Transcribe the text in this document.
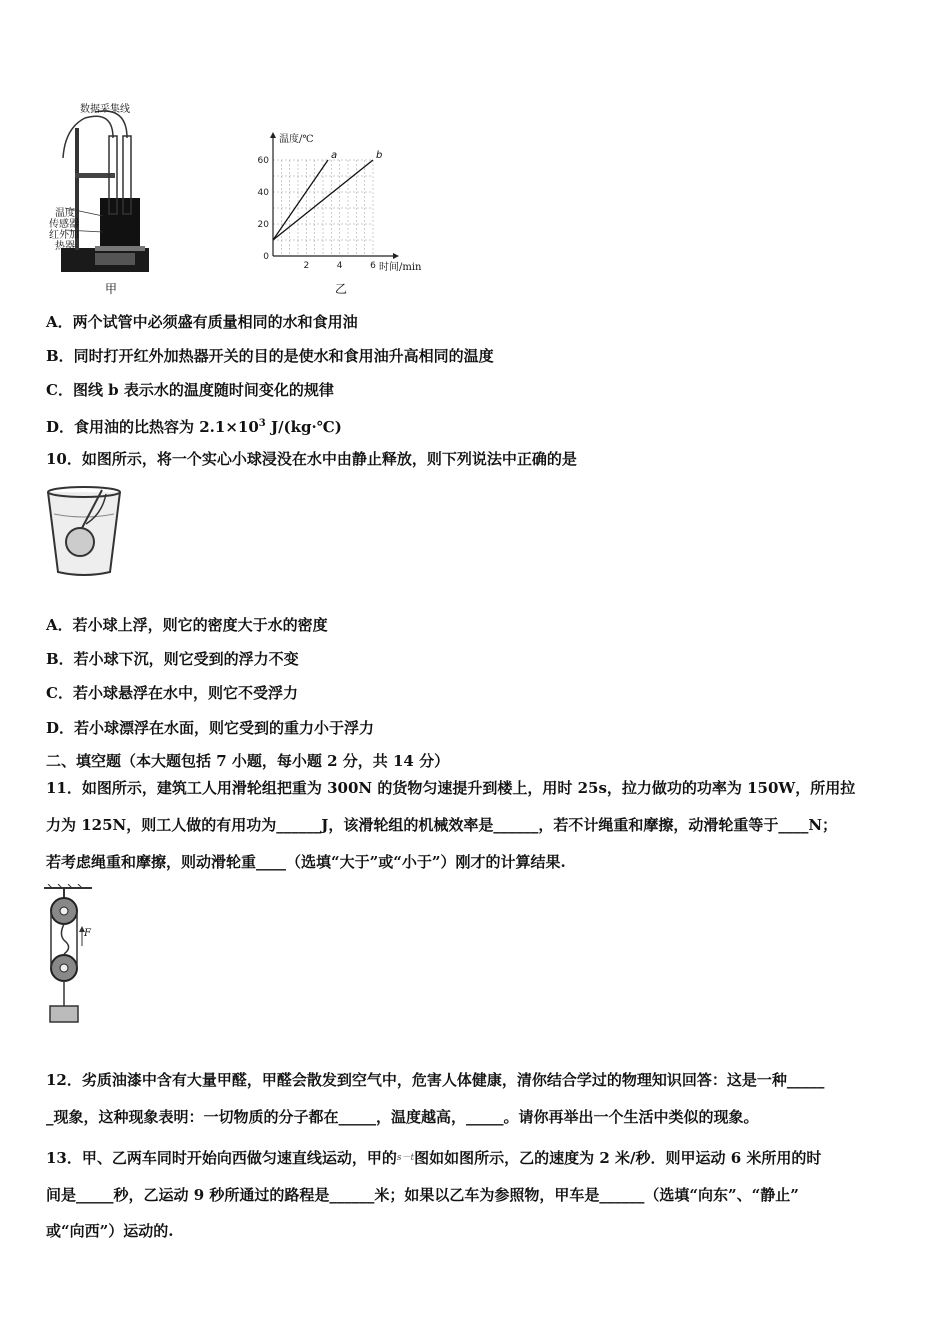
数据采集线
温度
传感器
红外加
热器
甲
60
40
20
0
2	4	6
a	b
温度/℃
时间/min
乙
A．两个试管中必须盛有质量相同的水和食用油
B．同时打开红外加热器开关的目的是使水和食用油升高相同的温度
C．图线 b 表示水的温度随时间变化的规律
D．食用油的比热容为 $2.1\times 10^3$ J/(kg·℃)
10．如图所示，将一个实心小球浸没在水中由静止释放，则下列说法中正确的是
A．若小球上浮，则它的密度大于水的密度
B．若小球下沉，则它受到的浮力不变
C．若小球悬浮在水中，则它不受浮力
D．若小球漂浮在水面，则它受到的重力小于浮力
二、填空题（本大题包括 7 小题，每小题 2 分，共 14 分）
11．如图所示，建筑工人用滑轮组把重为 300N 的货物匀速提升到楼上，用时 25s，拉力做功的功率为 150W，所用拉
力为 125N，则工人做的有用功为______J，该滑轮组的机械效率是______，若不计绳重和摩擦，动滑轮重等于____N；
若考虑绳重和摩擦，则动滑轮重____（选填“大于”或“小于”）刚才的计算结果.
F
12．劣质油漆中含有大量甲醛，甲醛会散发到空气中，危害人体健康，清你结合学过的物理知识回答：这是一种_____
_现象，这种现象表明：一切物质的分子都在_____，温度越高，_____。请你再举出一个生活中类似的现象。
13．甲、乙两车同时开始向西做匀速直线运动，甲的$^{s-t}$图如如图所示，乙的速度为 2 米/秒．则甲运动 6 米所用的时
间是_____秒，乙运动 9 秒所通过的路程是______米；如果以乙车为参照物，甲车是______（选填“向东”、“静止”
或“向西”）运动的.
